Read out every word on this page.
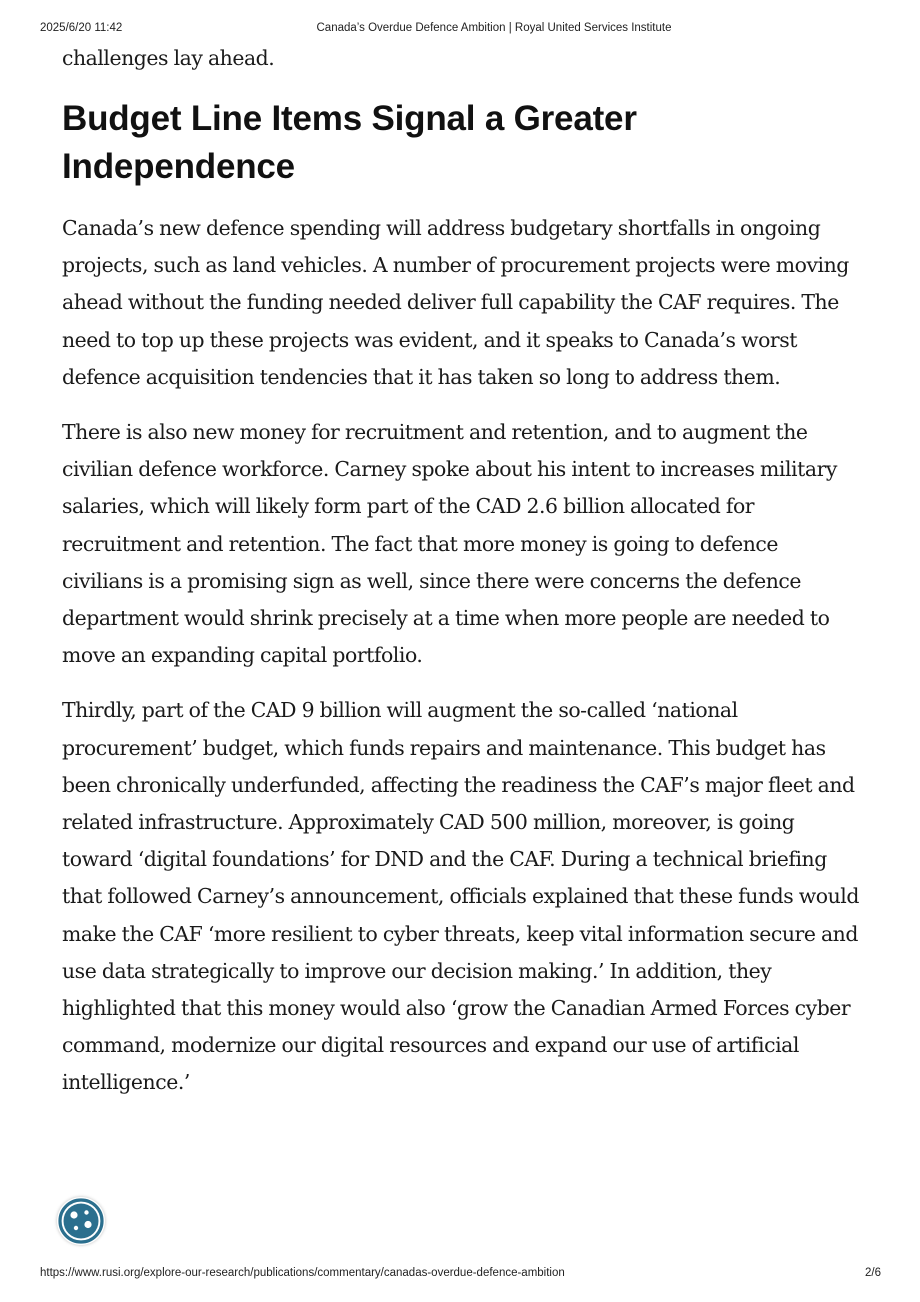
2025/6/20 11:42	Canada’s Overdue Defence Ambition | Royal United Services Institute

challenges lay ahead.

Budget Line Items Signal a Greater Independence

Canada’s new defence spending will address budgetary shortfalls in ongoing projects, such as land vehicles. A number of procurement projects were moving ahead without the funding needed deliver full capability the CAF requires. The need to top up these projects was evident, and it speaks to Canada’s worst defence acquisition tendencies that it has taken so long to address them.

There is also new money for recruitment and retention, and to augment the civilian defence workforce. Carney spoke about his intent to increases military salaries, which will likely form part of the CAD 2.6 billion allocated for recruitment and retention. The fact that more money is going to defence civilians is a promising sign as well, since there were concerns the defence department would shrink precisely at a time when more people are needed to move an expanding capital portfolio.

Thirdly, part of the CAD 9 billion will augment the so-called ‘national procurement’ budget, which funds repairs and maintenance. This budget has been chronically underfunded, affecting the readiness the CAF’s major fleet and related infrastructure. Approximately CAD 500 million, moreover, is going toward ‘digital foundations’ for DND and the CAF. During a technical briefing that followed Carney’s announcement, officials explained that these funds would make the CAF ‘more resilient to cyber threats, keep vital information secure and use data strategically to improve our decision making.’ In addition, they highlighted that this money would also ‘grow the Canadian Armed Forces cyber command, modernize our digital resources and expand our use of artificial intelligence.’

https://www.rusi.org/explore-our-research/publications/commentary/canadas-overdue-defence-ambition	2/6
